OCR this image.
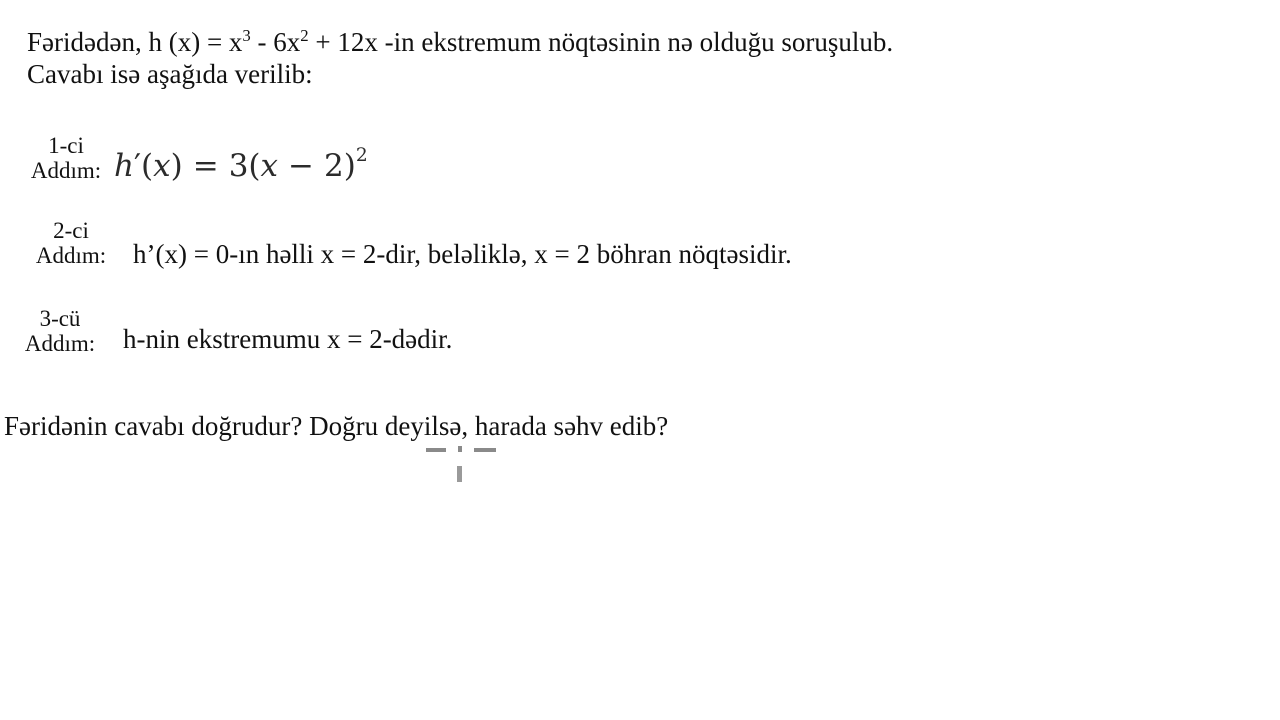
Fəridədən, h $(x) = x^3 - 6x^2 + 12x$ -in ekstremum nöqtəsinin nə olduğu soruşulub.
Cavabı isə aşağıda verilib:
1-ci
Addım: $h'(x) = 3(x - 2)^2$
2-ci
Addım: h’(x) = 0-ın həlli x = 2-dir, beləliklə, x = 2 böhran nöqtəsidir.
3-cü
Addım: h-nin ekstremumu x = 2-dədir.
Fəridənin cavabı doğrudur? Doğru deyilsə, harada səhv edib?
